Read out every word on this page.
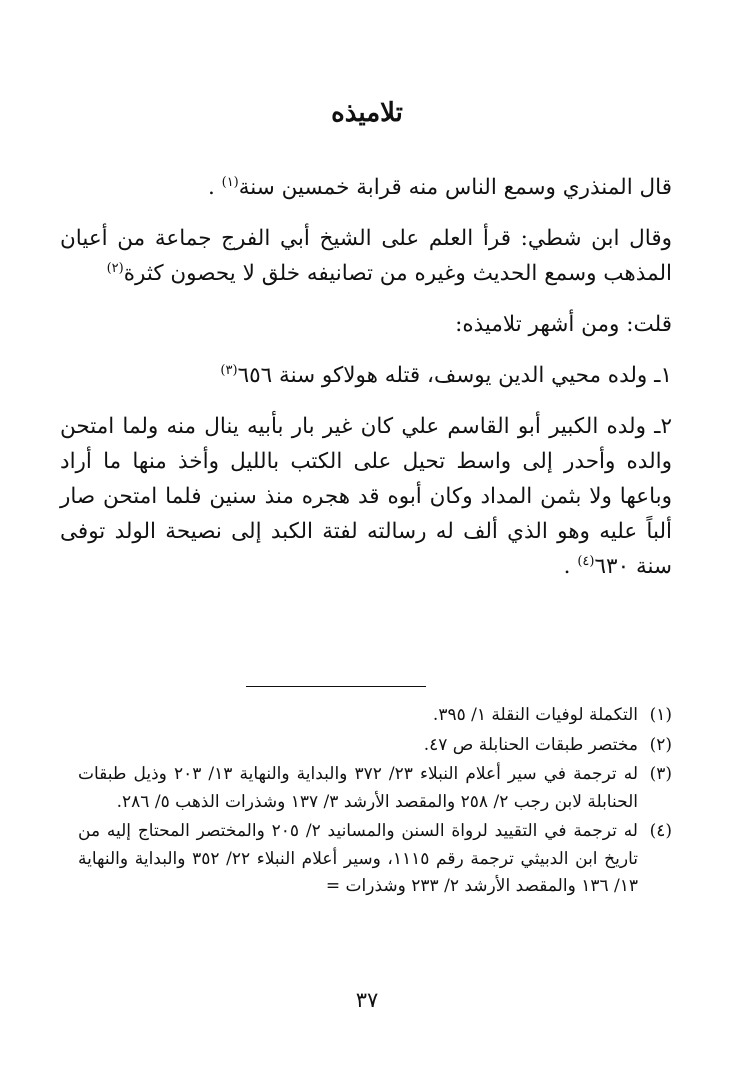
تلاميذه

قال المنذري وسمع الناس منه قرابة خمسين سنة$^{(١)}$ .

وقال ابن شطي: قرأ العلم على الشيخ أبي الفرج جماعة من أعيان المذهب وسمع الحديث وغيره من تصانيفه خلق لا يحصون كثرة$^{(٢)}$

قلت: ومن أشهر تلاميذه:

١ـ ولده محيي الدين يوسف، قتله هولاكو سنة ٦٥٦$^{(٣)}$

٢ـ ولده الكبير أبو القاسم علي كان غير بار بأبيه ينال منه ولما امتحن والده وأحدر إلى واسط تحيل على الكتب بالليل وأخذ منها ما أراد وباعها ولا بثمن المداد وكان أبوه قد هجره منذ سنين فلما امتحن صار ألباً عليه وهو الذي ألف له رسالته لفتة الكبد إلى نصيحة الولد توفى سنة ٦٣٠$^{(٤)}$ .

(١)
التكملة لوفيات النقلة ١/ ٣٩٥.
(٢)
مختصر طبقات الحنابلة ص ٤٧.
(٣)
له ترجمة في سير أعلام النبلاء ٢٣/ ٣٧٢ والبداية والنهاية ١٣/ ٢٠٣ وذيل طبقات الحنابلة لابن رجب ٢/ ٢٥٨ والمقصد الأرشد ٣/ ١٣٧ وشذرات الذهب ٥/ ٢٨٦.
(٤)
له ترجمة في التقييد لرواة السنن والمسانيد ٢/ ٢٠٥ والمختصر المحتاج إليه من تاريخ ابن الدبيثي ترجمة رقم ١١١٥، وسير أعلام النبلاء ٢٢/ ٣٥٢ والبداية والنهاية ١٣/ ١٣٦ والمقصد الأرشد ٢/ ٢٣٣ وشذرات =
٣٧
